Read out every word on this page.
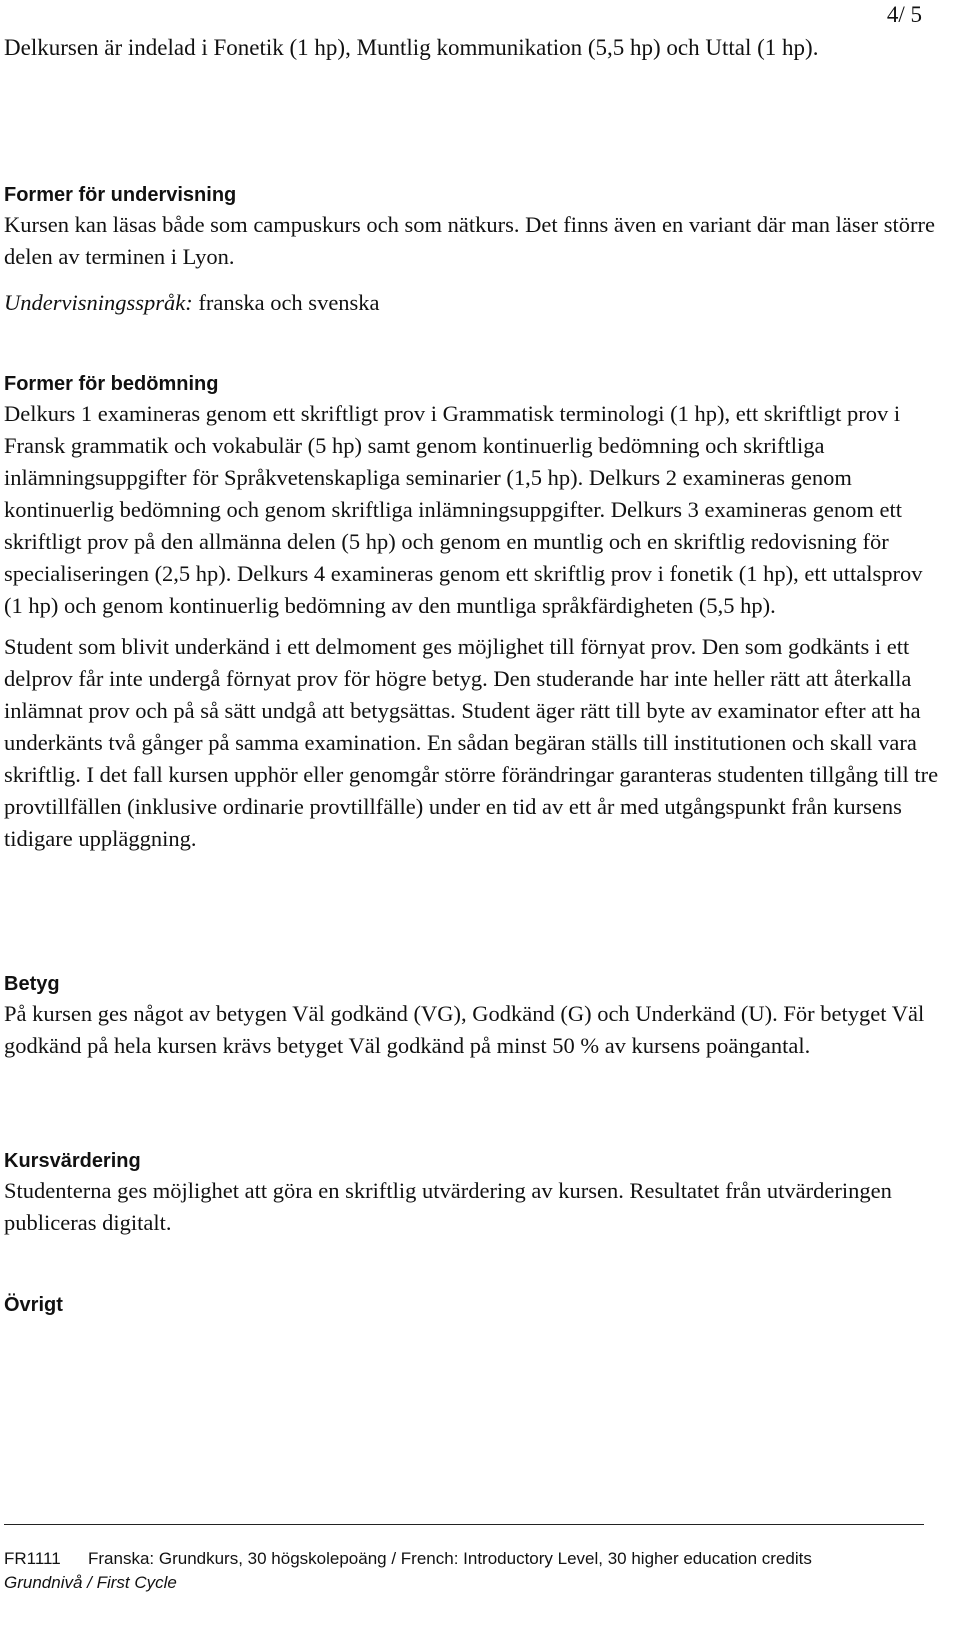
4/ 5

Delkursen är indelad i Fonetik (1 hp), Muntlig kommunikation (5,5 hp) och Uttal (1 hp).

Former för undervisning

Kursen kan läsas både som campuskurs och som nätkurs. Det finns även en variant där man läser större delen av terminen i Lyon.

Undervisningsspråk: franska och svenska

Former för bedömning

Delkurs 1 examineras genom ett skriftligt prov i Grammatisk terminologi (1 hp), ett skriftligt prov i Fransk grammatik och vokabulär (5 hp) samt genom kontinuerlig bedömning och skriftliga inlämningsuppgifter för Språkvetenskapliga seminarier (1,5 hp). Delkurs 2 examineras genom kontinuerlig bedömning och genom skriftliga inlämningsuppgifter. Delkurs 3 examineras genom ett skriftligt prov på den allmänna delen (5 hp) och genom en muntlig och en skriftlig redovisning för specialiseringen (2,5 hp). Delkurs 4 examineras genom ett skriftlig prov i fonetik (1 hp), ett uttalsprov (1 hp) och genom kontinuerlig bedömning av den muntliga språkfärdigheten (5,5 hp).

Student som blivit underkänd i ett delmoment ges möjlighet till förnyat prov. Den som godkänts i ett delprov får inte undergå förnyat prov för högre betyg. Den studerande har inte heller rätt att återkalla inlämnat prov och på så sätt undgå att betygsättas. Student äger rätt till byte av examinator efter att ha underkänts två gånger på samma examination. En sådan begäran ställs till institutionen och skall vara skriftlig. I det fall kursen upphör eller genomgår större förändringar garanteras studenten tillgång till tre provtillfällen (inklusive ordinarie provtillfälle) under en tid av ett år med utgångspunkt från kursens tidigare uppläggning.

Betyg

På kursen ges något av betygen Väl godkänd (VG), Godkänd (G) och Underkänd (U). För betyget Väl godkänd på hela kursen krävs betyget Väl godkänd på minst 50 % av kursens poängantal.

Kursvärdering

Studenterna ges möjlighet att göra en skriftlig utvärdering av kursen. Resultatet från utvärderingen publiceras digitalt.

Övrigt
FR1111 Franska: Grundkurs, 30 högskolepoäng / French: Introductory Level, 30 higher education credits
Grundnivå / First Cycle
